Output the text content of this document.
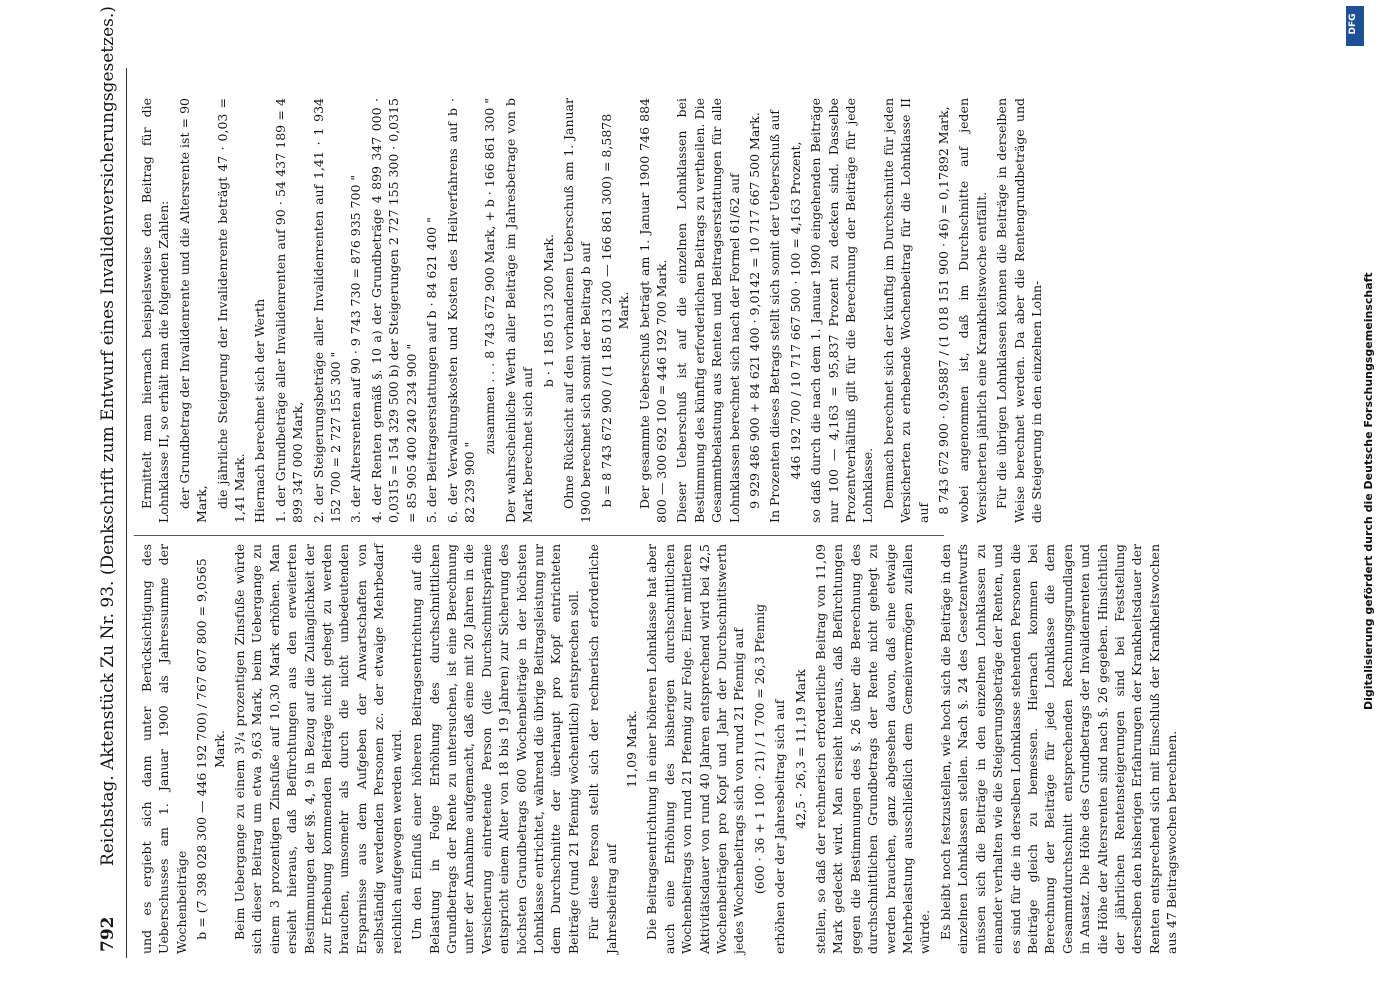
792
Reichstag. Aktenstück Zu Nr. 93. (Denkschrift zum Entwurf eines Invalidenversicherungsgesetzes.) und es ergiebt sich dann unter Berücksichtigung des Ueberschusses am 1. Januar 1900 als Jahressumme der Wochenbeiträge b = (7 398 028 300 — 446 192 700) / 767 607 800 = 9,0565 Mark. Beim Uebergange zu einem 3¹/₄ prozentigen Zinsfuße würde sich dieser Beitrag um etwa 9,63 Mark, beim Uebergange zu einem 3 prozentigen Zinsfuße auf 10,30 Mark erhöhen. Man ersieht hieraus, daß Befürchtungen aus den erweiterten Bestimmungen der §§. 4, 9 in Bezug auf die Zulänglichkeit der zur Erhebung kommenden Beiträge nicht gehegt zu werden brauchen, umsomehr als durch die nicht unbedeutenden Ersparnisse aus dem Aufgeben der Anwartschaften von selbständig werdenden Personen zc. der etwaige Mehrbedarf reichlich aufgewogen werden wird. Um den Einfluß einer höheren Beitragsentrichtung auf die Belastung in Folge Erhöhung des durchschnittlichen Grundbetrags der Rente zu untersuchen, ist eine Berechnung unter der Annahme aufgemacht, daß eine mit 20 Jahren in die Versicherung eintretende Person (die Durchschnittsprämie entspricht einem Alter von 18 bis 19 Jahren) zur Sicherung des höchsten Grundbetrags 600 Wochenbeiträge in der höchsten Lohnklasse entrichtet, während die übrige Beitragsleistung nur dem Durchschnitte der überhaupt pro Kopf entrichteten Beiträge (rund 21 Pfennig wöchentlich) entsprechen soll. Für diese Person stellt sich der rechnerisch erforderliche Jahresbeitrag auf

11,09 Mark. Die Beitragsentrichtung in einer höheren Lohnklasse hat aber auch eine Erhöhung des bisherigen durchschnittlichen Wochenbeitrags von rund 21 Pfennig zur Folge. Einer mittleren Aktivitätsdauer von rund 40 Jahren entsprechend wird bei 42,5 Wochenbeiträgen pro Kopf und Jahr der Durchschnittswerth jedes Wochenbeitrags sich von rund 21 Pfennig auf (600 · 36 + 1 100 · 21) / 1 700 = 26,3 Pfennig erhöhen oder der Jahresbeitrag sich auf 42,5 · 26,3 = 11,19 Mark stellen, so daß der rechnerisch erforderliche Beitrag von 11,09 Mark gedeckt wird. Man ersieht hieraus, daß Befürchtungen gegen die Bestimmungen des §. 26 über die Berechnung des durchschnittlichen Grundbetrags der Rente nicht gehegt zu werden brauchen, ganz abgesehen davon, daß eine etwaige Mehrbelastung ausschließlich dem Gemeinvermögen zufallen würde. Es bleibt noch festzustellen, wie hoch sich die Beiträge in den einzelnen Lohnklassen stellen. Nach §. 24 des Gesetzentwurfs müssen sich die Beiträge in den einzelnen Lohnklassen zu einander verhalten wie die Steigerungsbeträge der Renten, und es sind für die in derselben Lohnklasse stehenden Personen die Beiträge gleich zu bemessen. Hiernach kommen bei Berechnung der Beiträge für jede Lohnklasse die dem Gesammtdurchschnitt entsprechenden Rechnungsgrundlagen in Ansatz. Die Höhe des Grundbetrags der Invalidenrenten und die Höhe der Altersrenten sind nach §. 26 gegeben. Hinsichtlich der jährlichen Rentensteigerungen sind bei Feststellung derselben den bisherigen Erfahrungen der Krankheitsdauer der Renten entsprechend sich mit Einschluß der Krankheitswochen aus 47 Beitragswochen berechnen.

Ermittelt man hiernach beispielsweise den Beitrag für die Lohnklasse II, so erhält man die folgenden Zahlen: der Grundbetrag der Invalidenrente und die Altersrente ist = 90 Mark, die jährliche Steigerung der Invalidenrente beträgt 47 · 0,03 = 1,41 Mark. Hiernach berechnet sich der Werth 1. der Grundbeträge aller Invalidenrenten auf 90 · 54 437 189 = 4 899 347 000 Mark, 2. der Steigerungsbeträge aller Invalidenrenten auf 1,41 · 1 934 152 700 = 2 727 155 300 " 3. der Altersrenten auf 90 · 9 743 730 = 876 935 700 " 4. der Renten gemäß §. 10 a) der Grundbeträge 4 899 347 000 · 0,0315 = 154 329 500 b) der Steigerungen 2 727 155 300 · 0,0315 = 85 905 400 240 234 900 " 5. der Beitragserstattungen auf b · 84 621 400 " 6. der Verwaltungskosten und Kosten des Heilverfahrens auf b · 82 239 900 "

zusammen . . . 8 743 672 900 Mark, + b · 166 861 300 " Der wahrscheinliche Werth aller Beiträge im Jahresbetrage von b Mark berechnet sich auf

b · 1 185 013 200 Mark. Ohne Rücksicht auf den vorhandenen Ueberschuß am 1. Januar 1900 berechnet sich somit der Beitrag b auf b = 8 743 672 900 / (1 185 013 200 — 166 861 300) = 8,5878 Mark. Der gesammte Ueberschuß beträgt am 1. Januar 1900 746 884 800 — 300 692 100 = 446 192 700 Mark. Dieser Ueberschuß ist auf die einzelnen Lohnklassen bei Bestimmung des künftig erforderlichen Beitrags zu vertheilen. Die Gesammtbelastung aus Renten und Beitragserstattungen für alle Lohnklassen berechnet sich nach der Formel 61/62 auf 9 929 486 900 + 84 621 400 · 9,0142 = 10 717 667 500 Mark. In Prozenten dieses Betrags stellt sich somit der Ueberschuß auf 446 192 700 / 10 717 667 500 · 100 = 4,163 Prozent, so daß durch die nach dem 1. Januar 1900 eingehenden Beiträge nur 100 — 4,163 = 95,837 Prozent zu decken sind. Dasselbe Prozentverhältniß gilt für die Berechnung der Beiträge für jede Lohnklasse. Demnach berechnet sich der künftig im Durchschnitte für jeden Versicherten zu erhebende Wochenbeitrag für die Lohnklasse II auf 8 743 672 900 · 0,95887 / (1 018 151 900 · 46) = 0,17892 Mark, wobei angenommen ist, daß im Durchschnitte auf jeden Versicherten jährlich eine Krankheitswoche entfällt. Für die übrigen Lohnklassen können die Beiträge in derselben Weise berechnet werden. Da aber die Rentengrundbeträge und die Steigerung in den einzelnen Lohn-

DFG
Digitalisierung gefördert durch die Deutsche Forschungsgemeinschaft
